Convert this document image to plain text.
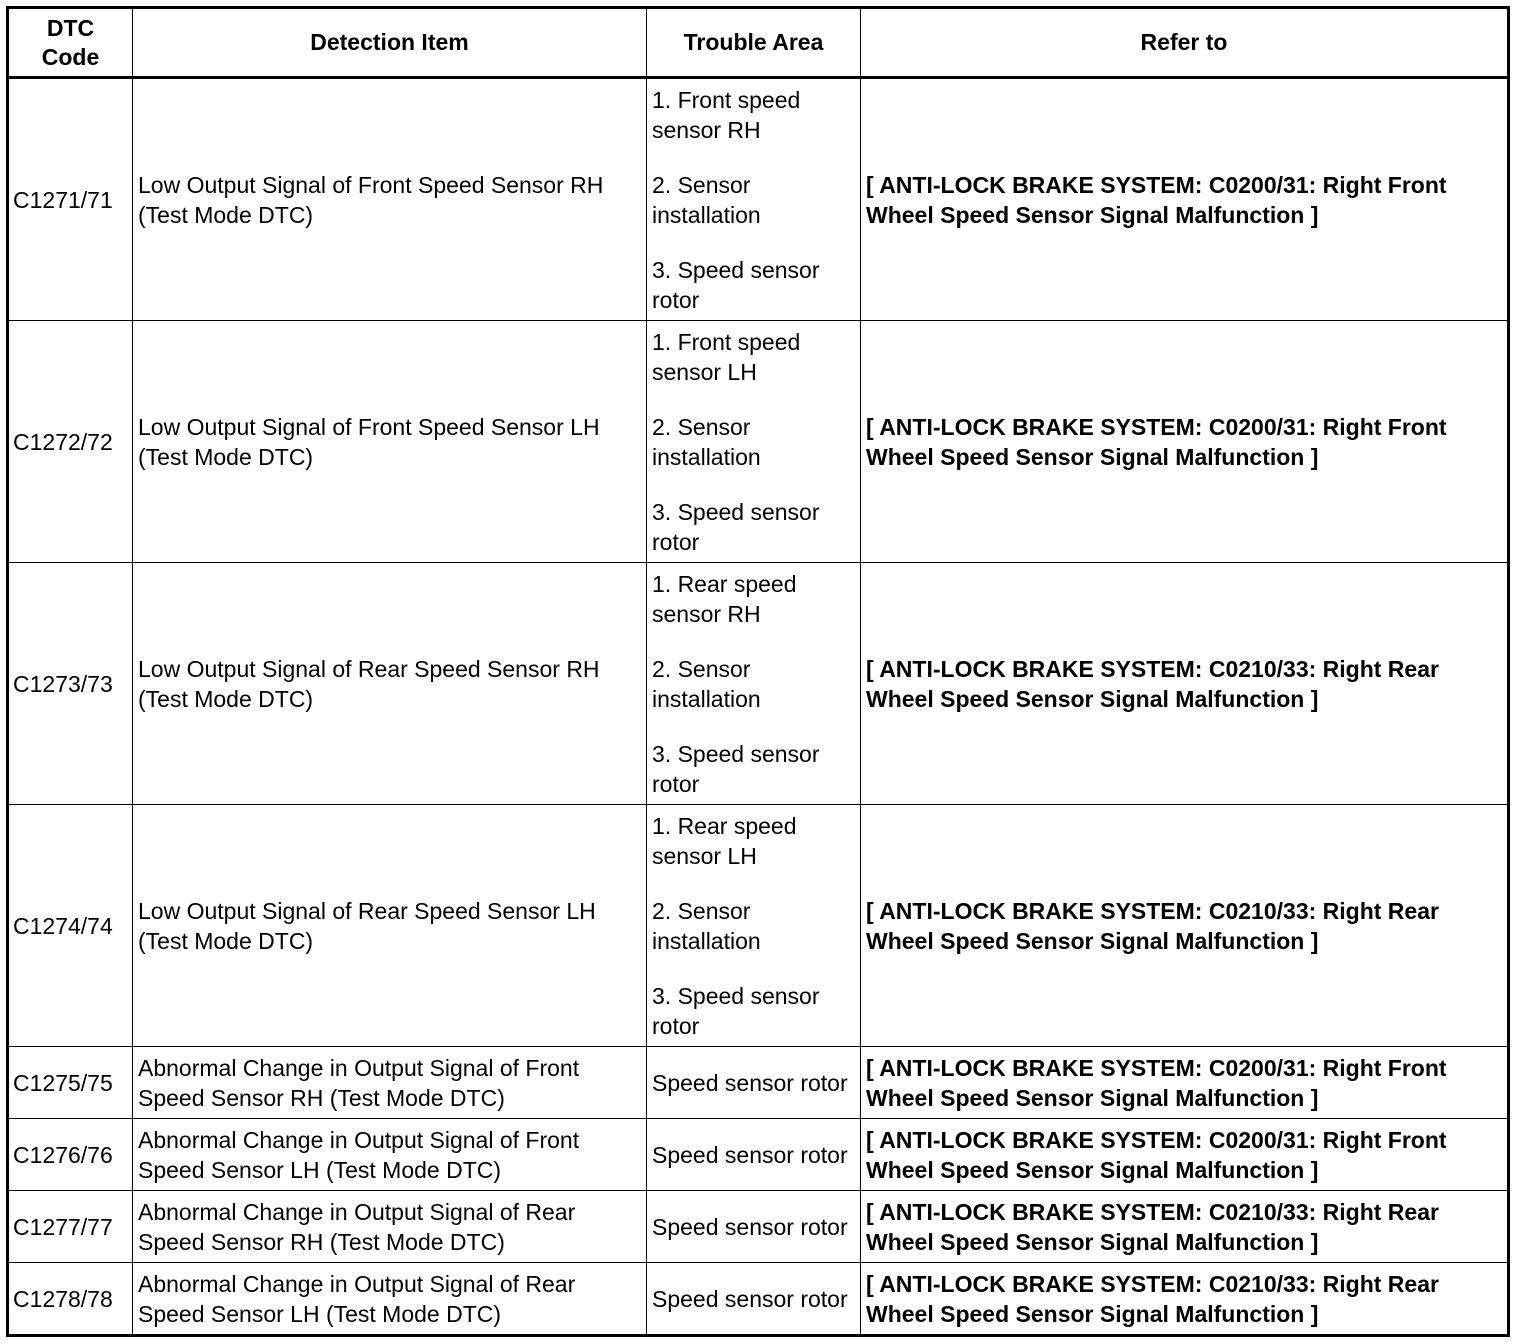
DTC Code	Detection Item	Trouble Area	Refer to
C1271/71	Low Output Signal of Front Speed Sensor RH (Test Mode DTC)	1. Front speed sensor RH
2. Sensor installation
3. Speed sensor rotor	[ ANTI-LOCK BRAKE SYSTEM: C0200/31: Right Front Wheel Speed Sensor Signal Malfunction ]
C1272/72	Low Output Signal of Front Speed Sensor LH (Test Mode DTC)	1. Front speed sensor LH
2. Sensor installation
3. Speed sensor rotor	[ ANTI-LOCK BRAKE SYSTEM: C0200/31: Right Front Wheel Speed Sensor Signal Malfunction ]
C1273/73	Low Output Signal of Rear Speed Sensor RH (Test Mode DTC)	1. Rear speed sensor RH
2. Sensor installation
3. Speed sensor rotor	[ ANTI-LOCK BRAKE SYSTEM: C0210/33: Right Rear Wheel Speed Sensor Signal Malfunction ]
C1274/74	Low Output Signal of Rear Speed Sensor LH (Test Mode DTC)	1. Rear speed sensor LH
2. Sensor installation
3. Speed sensor rotor	[ ANTI-LOCK BRAKE SYSTEM: C0210/33: Right Rear Wheel Speed Sensor Signal Malfunction ]
C1275/75	Abnormal Change in Output Signal of Front Speed Sensor RH (Test Mode DTC)	Speed sensor rotor	[ ANTI-LOCK BRAKE SYSTEM: C0200/31: Right Front Wheel Speed Sensor Signal Malfunction ]
C1276/76	Abnormal Change in Output Signal of Front Speed Sensor LH (Test Mode DTC)	Speed sensor rotor	[ ANTI-LOCK BRAKE SYSTEM: C0200/31: Right Front Wheel Speed Sensor Signal Malfunction ]
C1277/77	Abnormal Change in Output Signal of Rear Speed Sensor RH (Test Mode DTC)	Speed sensor rotor	[ ANTI-LOCK BRAKE SYSTEM: C0210/33: Right Rear Wheel Speed Sensor Signal Malfunction ]
C1278/78	Abnormal Change in Output Signal of Rear Speed Sensor LH (Test Mode DTC)	Speed sensor rotor	[ ANTI-LOCK BRAKE SYSTEM: C0210/33: Right Rear Wheel Speed Sensor Signal Malfunction ]
